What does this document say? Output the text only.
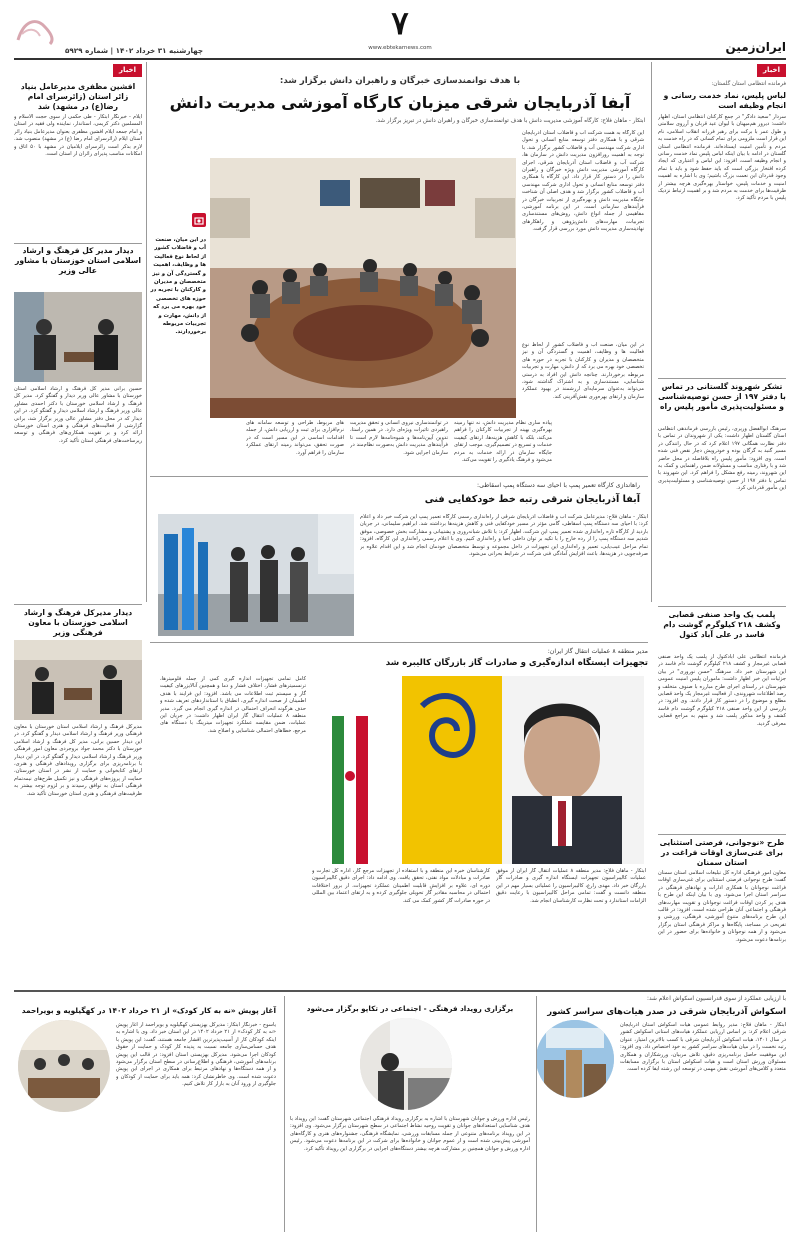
چهارشنبه ۳۱ خرداد ۱۴۰۲ | شماره ۵۹۲۹
۷
www.ebtekarnews.com	ایران‌زمین
اخبار
فرمانده انتظامی استان گلستان:
لباس پلیس، نماد خدمت رسانی و انجام وظیفه است
سردار "سعید دادگر" در جمع کارکنان انتظامی استان، اظهار داشت: دیروز هم‌میهنان با لیوان عید قربان و آرزوی سلامتی و طول عمر با برکت برای رهبر فرزانه انقلاب اسلامی، نام این قرار است ملزومی برای تمام کسانی که در راه خدمت به مردم و تأمین امنیت ایستاده‌اند. فرمانده انتظامی استان گلستان در ادامه با بیان اینکه لباس پلیس نماد خدمت رسانی و انجام وظیفه است، افزود: این لباس و اعتباری که ایجاد کرده افتخار بزرگی است که باید حفظ شود و باید با تمام وجود قدردان این نعمت بزرگ باشیم؛ وی با اشاره به اهمیت امنیت و خدمات پلیس، خواستار بهره‌گیری هرچه بیشتر از ظرفیت‌ها برای خدمت به مردم شد و بر اهمیت ارتباط نزدیک پلیس با مردم تأکید کرد.
تشکر شهروند گلستانی در تماس با دفتر ۱۹۷ از حسن توصیه‌شناسی و مسئولیت‌پذیری مأمور پلیس راه
سرهنگ ابوالفضل وزیری، رئیس بازرسی فرماندهی انتظامی استان گلستان اظهار داشت: یکی از شهروندان در تماس با دفتر نظارت همگانی ۱۹۷ اعلام کرد که در حال رانندگی در مسیر گنبد به گرگان بوده و خودرویش دچار نقص فنی شده است. وی افزود: مأمور پلیس راه بلافاصله در محل حاضر شد و با رفتاری مناسب و مسئولانه ضمن راهنمایی و کمک به این شهروند، زمینه رفع مشکل را فراهم کرد. این شهروند با تماس با دفتر ۱۹۷ از حسن توصیه‌شناسی و مسئولیت‌پذیری این مأمور قدردانی کرد.
پلمب یک واحد صنفی قصابی وکشف ۲۱۸ کیلوگرم گوشت دام فاسد در علی آباد کتول
فرمانده انتظامی علی آبادکتول از پلمب یک واحد صنفی قصابی غیرمجاز و کشف ۲۱۸ کیلوگرم گوشت دام فاسد در این شهرستان خبر داد. سرهنگ "حسن نوروزی" در بیان جزئیات این خبر اظهار داشت: ماموران پلیس امنیت عمومی شهرستان در راستای اجرای طرح مبارزه با صنوف متخلف و رصد اطلاعات شهروندی، از فعالیت غیرمجاز یک واحد قصابی مطلع و موضوع را در دستور کار قرار دادند. وی افزود: در بازرسی از این واحد صنفی ۲۱۸ کیلوگرم گوشت دام فاسد کشف و واحد مذکور پلمب شد و متهم به مراجع قضایی معرفی گردید.
طرح «نوجوانی، فرصتی استثنایی برای غنی‌سازی اوقات فراغت در استان سمنان
معاون امور فرهنگی اداره کل تبلیغات اسلامی استان سمنان گفت: طرح نوجوانی فرصتی استثنایی برای غنی‌سازی اوقات فراغت نوجوانان با همکاری ادارات و نهادهای فرهنگی در سراسر استان اجرا می‌شود. وی با بیان اینکه این طرح با هدف پر کردن اوقات فراغت نوجوانان و تقویت مهارت‌های فرهنگی و اجتماعی آنان طراحی شده است، افزود: در قالب این طرح برنامه‌های متنوع آموزشی، فرهنگی، ورزشی و تفریحی در مساجد، پایگاه‌ها و مراکز فرهنگی استان برگزار می‌شود و از همه نوجوانان و خانواده‌ها برای حضور در این برنامه‌ها دعوت می‌شود.
با هدف توانمندسازی خبرگان و راهبران دانش برگزار شد:
آبفا آذربایجان شرقی میزبان کارگاه آموزشی مدیریت دانش
ابتکار - ماهان فلاح: کارگاه آموزشی مدیریت دانش با هدف توانمندسازی خبرگان و راهبران دانش در تبریز برگزار شد.
این کارگاه به همت شرکت آب و فاضلاب استان آذربایجان شرقی و با همکاری دفتر توسعه منابع انسانی و تحول اداری شرکت مهندسی آب و فاضلاب کشور برگزار شد. با توجه به اهمیت روزافزون مدیریت دانش در سازمان ها، شرکت آب و فاضلاب استان آذربایجان شرقی، اجرای کارگاه آموزشی مدیریت دانش ویژه خبرگان و راهبران دانش را در دستور کار قرار داد. این کارگاه با همکاری دفتر توسعه منابع انسانی و تحول اداری شرکت مهندسی آب و فاضلاب کشور برگزار شد و هدف اصلی آن شناخت جایگاه مدیریت دانش و بهره‌گیری از تجربیات خبرگان در فرآیندهای سازمانی است. در این برنامه آموزشی، مفاهیمی از جمله انواع دانش، روش‌های مستندسازی تجربیات، مهارت‌های دانش‌پژوهی و راهکارهای نهادینه‌سازی مدیریت دانش مورد بررسی قرار گرفت.
در این میان، صنعت آب و فاضلاب کشور از لحاظ نوع فعالیت ها و وظایف، اهمیت و گستردگی آن و نیز متخصصان و مدیران و کارکنان با تجربه در حوزه های تخصصی خود بهره می برد که از دانش، مهارت و تجربیات مربوطه برخوردارند. چنانچه دانش این افراد به درستی شناسایی، مستندسازی و به اشتراک گذاشته شود، می‌تواند به‌عنوان سرمایه‌ای ارزشمند در بهبود عملکرد سازمان و ارتقای بهره‌وری نقش‌آفرینی کند.
در این میان، صنعت آب و فاضلاب کشور از لحاظ نوع فعالیت ها و وظایف، اهمیت و گستردگی آن و نیز متخصصان و مدیران و کارکنان با تجربه در حوزه های تخصصی خود بهره می برد که از دانش، مهارت و تجربیات مربوطه برخوردارند.
پیاده سازی نظام مدیریت دانش، نه تنها زمینه بهره‌گیری بهینه از تجربیات کارکنان را فراهم می‌کند، بلکه با کاهش هزینه‌ها، ارتقای کیفیت خدمات و تسریع در تصمیم‌گیری، موجب ارتقای جایگاه سازمان در ارائه خدمات به مردم می‌شود و فرهنگ یادگیری را تقویت می‌کند.
در توانمندسازی نیروی انسانی و تحقق مدیریت راهبردی تاثیرات ویژه‌ای دارد. در همین راستا، تدوین آیین‌نامه‌ها و شیوه‌نامه‌ها لازم است تا فرآیندهای مدیریت دانش به‌صورت نظام‌مند در سازمان اجرایی شود.
های مربوط، طراحی و توسعه سامانه های نرم‌افزاری برای ثبت و ارزیابی دانش، از جمله اقدامات اساسی در این مسیر است که در صورت تحقق، می‌تواند زمینه ارتقای عملکرد سازمان را فراهم آورد.
اخبار
افشین مظفری مدیرعامل بنیاد زائر استان (زائرسرای امام رضا(ع) در مشهد) شد
ایلام - خبرنگار ابتکار - طی حکمی از سوی حجت الاسلام و المسلمین دکتر کریمی، استاندار، نماینده ولی فقیه در استان و امام جمعه ایلام افشین مظفری بعنوان مدیرعامل بنیاد زائر استان ایلام (زائرسرای امام رضا (ع) در مشهد) منصوب شد. لازم بذکر است زائرسرای ایلامیان در مشهد با ۵۰ اتاق و امکانات مناسب پذیرای زائران از استان است.
دیدار مدیر کل فرهنگ و ارشاد اسلامی استان خوزستان با مشاور عالی وزیر
حسین برانی مدیر کل فرهنگ و ارشاد اسلامی استان خوزستان با مشاور عالی وزیر دیدار و گفتگو کرد. مدیر کل فرهنگ و ارشاد اسلامی خوزستان با دکتر احمدی مشاور عالی وزیر فرهنگ و ارشاد اسلامی دیدار و گفتگو کرد. در این دیدار که در محل دفتر مشاور عالی وزیر برگزار شد، برانی گزارشی از فعالیت‌های فرهنگی و هنری استان خوزستان ارائه کرد و بر تقویت همکاری‌های فرهنگی و توسعه زیرساخت‌های فرهنگی استان تأکید کرد.
راهاندازی کارگاه تعمیر پمپ با احیای سه دستگاه پمپ اسقاطی:
آبفا آذربایجان شرقی رتبه خط خودکفایی فنی
ابتکار - ماهان فلاح: مدیرعامل شرکت آب و فاضلاب آذربایجان شرقی از راه‌اندازی رسمی کارگاه تعمیر پمپ این شرکت خبر داد و اعلام کرد: با احیای سه دستگاه پمپ اسقاطی، گامی مؤثر در مسیر خودکفایی فنی و کاهش هزینه‌ها برداشته شد. ابراهیم سلیمانی، در جریان بازدید از کارگاه تازه راه‌اندازی شده تعمیر پمپ این شرکت، اظهار کرد: با تلاش شبانه‌روزی و پشتیبانی و مشارکت بخش خصوصی، موفق شدیم سه دستگاه پمپ را از رده خارج را با تکیه بر توان داخلی احیا و راه‌اندازی کنیم. وی با اعلام رسمی راه‌اندازی این کارگاه، افزود: تمام مراحل عیب‌یابی، تعمیر و راه‌اندازی این تجهیزات در داخل مجموعه و توسط متخصصان خودمان انجام شد و این اقدام علاوه بر صرفه‌جویی در هزینه‌ها، باعث افزایش آمادگی فنی شرکت در شرایط بحرانی می‌شود.
دیدار مدیرکل فرهنگ و ارشاد اسلامی خوزستان با معاون فرهنگی وزیر
مدیرکل فرهنگ و ارشاد اسلامی استان خوزستان با معاون فرهنگی وزیر فرهنگ و ارشاد اسلامی دیدار و گفتگو کرد. در این دیدار حسین برانی، مدیر کل فرهنگ و ارشاد اسلامی خوزستان با دکتر محمد جواد بروجردی معاون امور فرهنگی وزیر فرهنگ و ارشاد اسلامی دیدار و گفتگو کرد. در این دیدار با برنامه‌ریزی برای برگزاری رویدادهای فرهنگی و هنری، ارتقای کتابخوانی و حمایت از نشر در استان خوزستان، حمایت از پروژه‌های فرهنگی و نیز تکمیل طرح‌های نیمه‌تمام فرهنگی استان به توافق رسیدند و بر لزوم توجه بیشتر به ظرفیت‌های فرهنگی و هنری استان خوزستان تأکید شد.
مدیر منطقه ۸ عملیات انتقال گاز ایران:
تجهیزات ایستگاه اندازه‌گیری و صادرات گاز بازرگان کالیبره شد
ابتکار - ماهان فلاح: مدیر منطقه ۸ عملیات انتقال گاز ایران از موفق عملیات کالیبراسیون تجهیزات ایستگاه اندازه گیری و صادرات گاز بازرگان خبر داد. مهدی زارع، کالیبراسیون را عملیاتی بسیار مهم در این منطقه دانست و گفت: تمامی مراحل کالیبراسیون با رعایت دقیق الزامات استاندارد و تحت نظارت کارشناسان انجام شد.
کارشناسان خبره این منطقه و با استفاده از تجهیزات مرجع گاز، اداره کل تجارت و صادرات و مبادلات مواد نفتی، تحقق یافت. وی ادامه داد: اجرای دقیق کالیبراسیون دوره ای، علاوه بر افزایش قابلیت اطمینان عملکرد تجهیزات، از بروز اختلافات احتمالی در محاسبه مقادیر گاز تحویلی جلوگیری کرده و به ارتقای اعتماد بین المللی در حوزه صادرات گاز کشور کمک می کند.
کامل تمامی تجهیزات اندازه گیری کمی از جمله فلومیترها، ترنسمیترهای فشار، اختلاف فشار و دما و همچنین آنالایزرهای کیفیت گاز و سیستم ثبت اطلاعات می باشد. افزود: این فرایند با هدف اطمینان از صحت اندازه گیری، انطباق با استانداردهای تعریف شده و حذف هرگونه انحراف احتمالی در اندازه گیری انجام می گیرد. مدیر منطقه ۸ عملیات انتقال گاز ایران اظهار داشت: در جریان این عملیات، ضمن مقایسه عملکرد تجهیزات میترینگ با دستگاه های مرجع، خطاهای احتمالی شناسایی و اصلاح شد.
با ارزیابی عملکرد از سوی قدرانسیون اسکواش اعلام شد:
اسکواش آذربایجان شرقی در صدر هیات‌های سراسر کشور
ابتکار - ماهان فلاح: مدیر روابط عمومی هیات اسکواش استان آذربایجان شرقی اعلام کرد: بر اساس ارزیابی عملکرد هیات‌های استانی اسکواش کشور در سال ۱۴۰۱، هیات اسکواش آذربایجان شرقی با کسب بالاترین امتیاز، عنوان رتبه نخست را در میان هیات‌های سراسر کشور به خود اختصاص داد. وی افزود: این موفقیت حاصل برنامه‌ریزی دقیق، تلاش مربیان، ورزشکاران و همکاری مسئولان ورزش استان است و هیات اسکواش استان با برگزاری مسابقات متعدد و کلاس‌های آموزشی نقش مهمی در توسعه این رشته ایفا کرده است.
برگزاری رویداد فرهنگی - اجتماعی در تکاپو برگزار می‌شود
رئیس اداره ورزش و جوانان شهرستان با اشاره به برگزاری رویداد فرهنگی اجتماعی شهرستان گفت: این رویداد با هدف شناسایی استعدادهای جوانان و تقویت روحیه نشاط اجتماعی در سطح شهرستان برگزار می‌شود. وی افزود: در این رویداد برنامه‌های متنوعی از جمله مسابقات ورزشی، نمایشگاه فرهنگی، جشنواره‌های هنری و کارگاه‌های آموزشی پیش‌بینی شده است و از عموم جوانان و خانواده‌ها برای شرکت در این برنامه‌ها دعوت می‌شود. رئیس اداره ورزش و جوانان همچنین بر مشارکت هرچه بیشتر دستگاه‌های اجرایی در برگزاری این رویداد تأکید کرد.
آغاز پویش «نه به کار کودک» از ۲۱ خرداد ۱۴۰۲ در کهگیلویه و بویراحمد
یاسوج - خبرنگار ابتکار: مدیرکل بهزیستی کهگیلویه و بویراحمد از آغاز پویش «نه به کار کودک» از ۲۱ خرداد ۱۴۰۲ در این استان خبر داد. وی با اشاره به اینکه کودکان کار از آسیب‌پذیرترین اقشار جامعه هستند، گفت: این پویش با هدف حساس‌سازی جامعه نسبت به پدیده کار کودک و حمایت از حقوق کودکان اجرا می‌شود. مدیرکل بهزیستی استان افزود: در قالب این پویش برنامه‌های آموزشی، فرهنگی و اطلاع‌رسانی در سطح استان برگزار می‌شود و از همه دستگاه‌ها و نهادهای مرتبط برای همکاری در اجرای این پویش دعوت شده است. وی خاطرنشان کرد: همه باید برای حمایت از کودکان و جلوگیری از ورود آنان به بازار کار تلاش کنیم.
